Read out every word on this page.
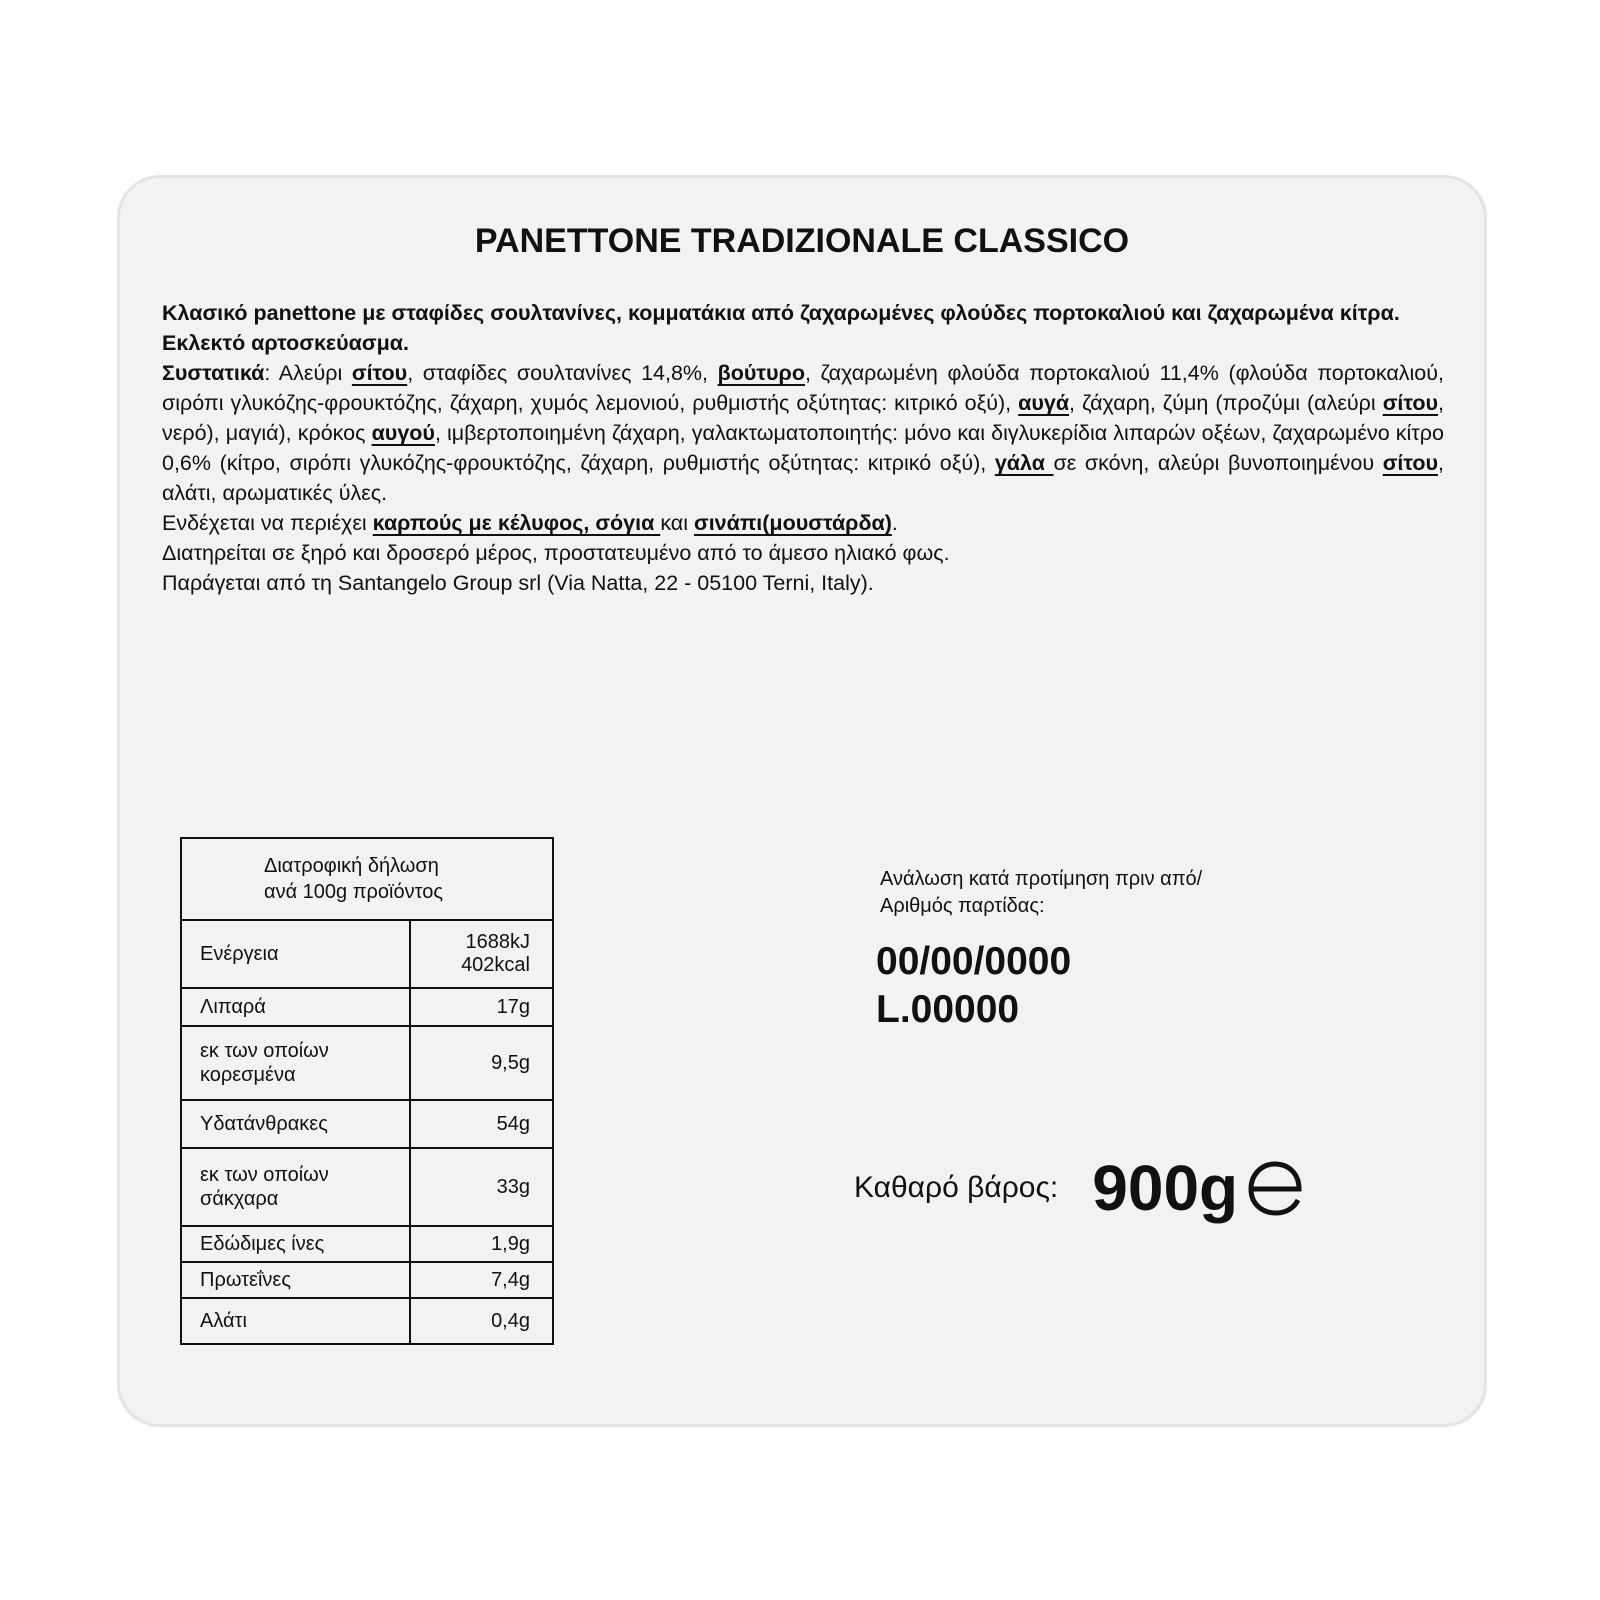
PANETTONE TRADIZIONALE CLASSICO

Κλασικό panettone με σταφίδες σουλτανίνες, κομματάκια από ζαχαρωμένες φλούδες πορτοκαλιού και ζαχαρωμένα κίτρα. Εκλεκτό αρτοσκεύασμα.

Συστατικά: Αλεύρι σίτου, σταφίδες σουλτανίνες 14,8%, βούτυρο, ζαχαρωμένη φλούδα πορτοκαλιού 11,4% (φλούδα πορτοκαλιού, σιρόπι γλυκόζης-φρουκτόζης, ζάχαρη, χυμός λεμονιού, ρυθμιστής οξύτητας: κιτρικό οξύ), αυγά, ζάχαρη, ζύμη (προζύμι (αλεύρι σίτου, νερό), μαγιά), κρόκος αυγού, ιμβερτοποιημένη ζάχαρη, γαλακτωματοποιητής: μόνο και διγλυκερίδια λιπαρών οξέων, ζαχαρωμένο κίτρο 0,6% (κίτρο, σιρόπι γλυκόζης-φρουκτόζης, ζάχαρη, ρυθμιστής οξύτητας: κιτρικό οξύ), γάλα σε σκόνη, αλεύρι βυνοποιημένου σίτου, αλάτι, αρωματικές ύλες.

Ενδέχεται να περιέχει καρπούς με κέλυφος, σόγια και σινάπι(μουστάρδα).

Διατηρείται σε ξηρό και δροσερό μέρος, προστατευμένο από το άμεσο ηλιακό φως.

Παράγεται από τη Santangelo Group srl (Via Natta, 22 - 05100 Terni, Italy).

Διατροφική δήλωση
ανά 100g προϊόντος	

Ενέργεια	1688kJ
402kcal
Λιπαρά	17g
εκ των οποίων
κορεσμένα	9,5g
Υδατάνθρακες	54g
εκ των οποίων
σάκχαρα	33g
Εδώδιμες ίνες	1,9g
Πρωτεΐνες	7,4g
Αλάτι	0,4g
Ανάλωση κατά προτίμηση πριν από/
Αριθμός παρτίδας:
00/00/0000
L.00000
Καθαρό βάρος: 900g
